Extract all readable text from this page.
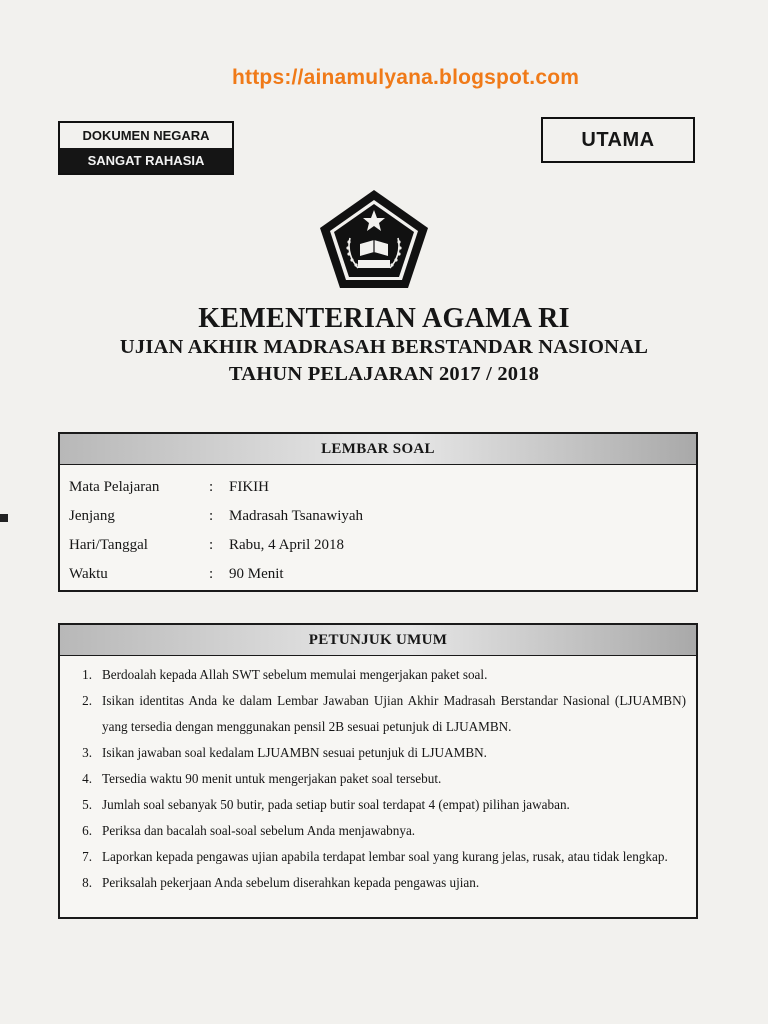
https://ainamulyana.blogspot.com
DOKUMEN NEGARA
SANGAT RAHASIA
UTAMA
KEMENTERIAN AGAMA RI
UJIAN AKHIR MADRASAH BERSTANDAR NASIONAL
TAHUN PELAJARAN 2017 / 2018
LEMBAR SOAL
Mata Pelajaran	:	FIKIH
Jenjang	:	Madrasah Tsanawiyah
Hari/Tanggal	:	Rabu, 4 April 2018
Waktu	:	90 Menit
PETUNJUK UMUM
1. Berdoalah kepada Allah SWT sebelum memulai mengerjakan paket soal.
2. Isikan identitas Anda ke dalam Lembar Jawaban Ujian Akhir Madrasah Berstandar Nasional (LJUAMBN) yang tersedia dengan menggunakan pensil 2B sesuai petunjuk di LJUAMBN.
3. Isikan jawaban soal kedalam LJUAMBN sesuai petunjuk di LJUAMBN.
4. Tersedia waktu 90 menit untuk mengerjakan paket soal tersebut.
5. Jumlah soal sebanyak 50 butir, pada setiap butir soal terdapat 4 (empat) pilihan jawaban.
6. Periksa dan bacalah soal-soal sebelum Anda menjawabnya.
7. Laporkan kepada pengawas ujian apabila terdapat lembar soal yang kurang jelas, rusak, atau tidak lengkap.
8. Periksalah pekerjaan Anda sebelum diserahkan kepada pengawas ujian.
